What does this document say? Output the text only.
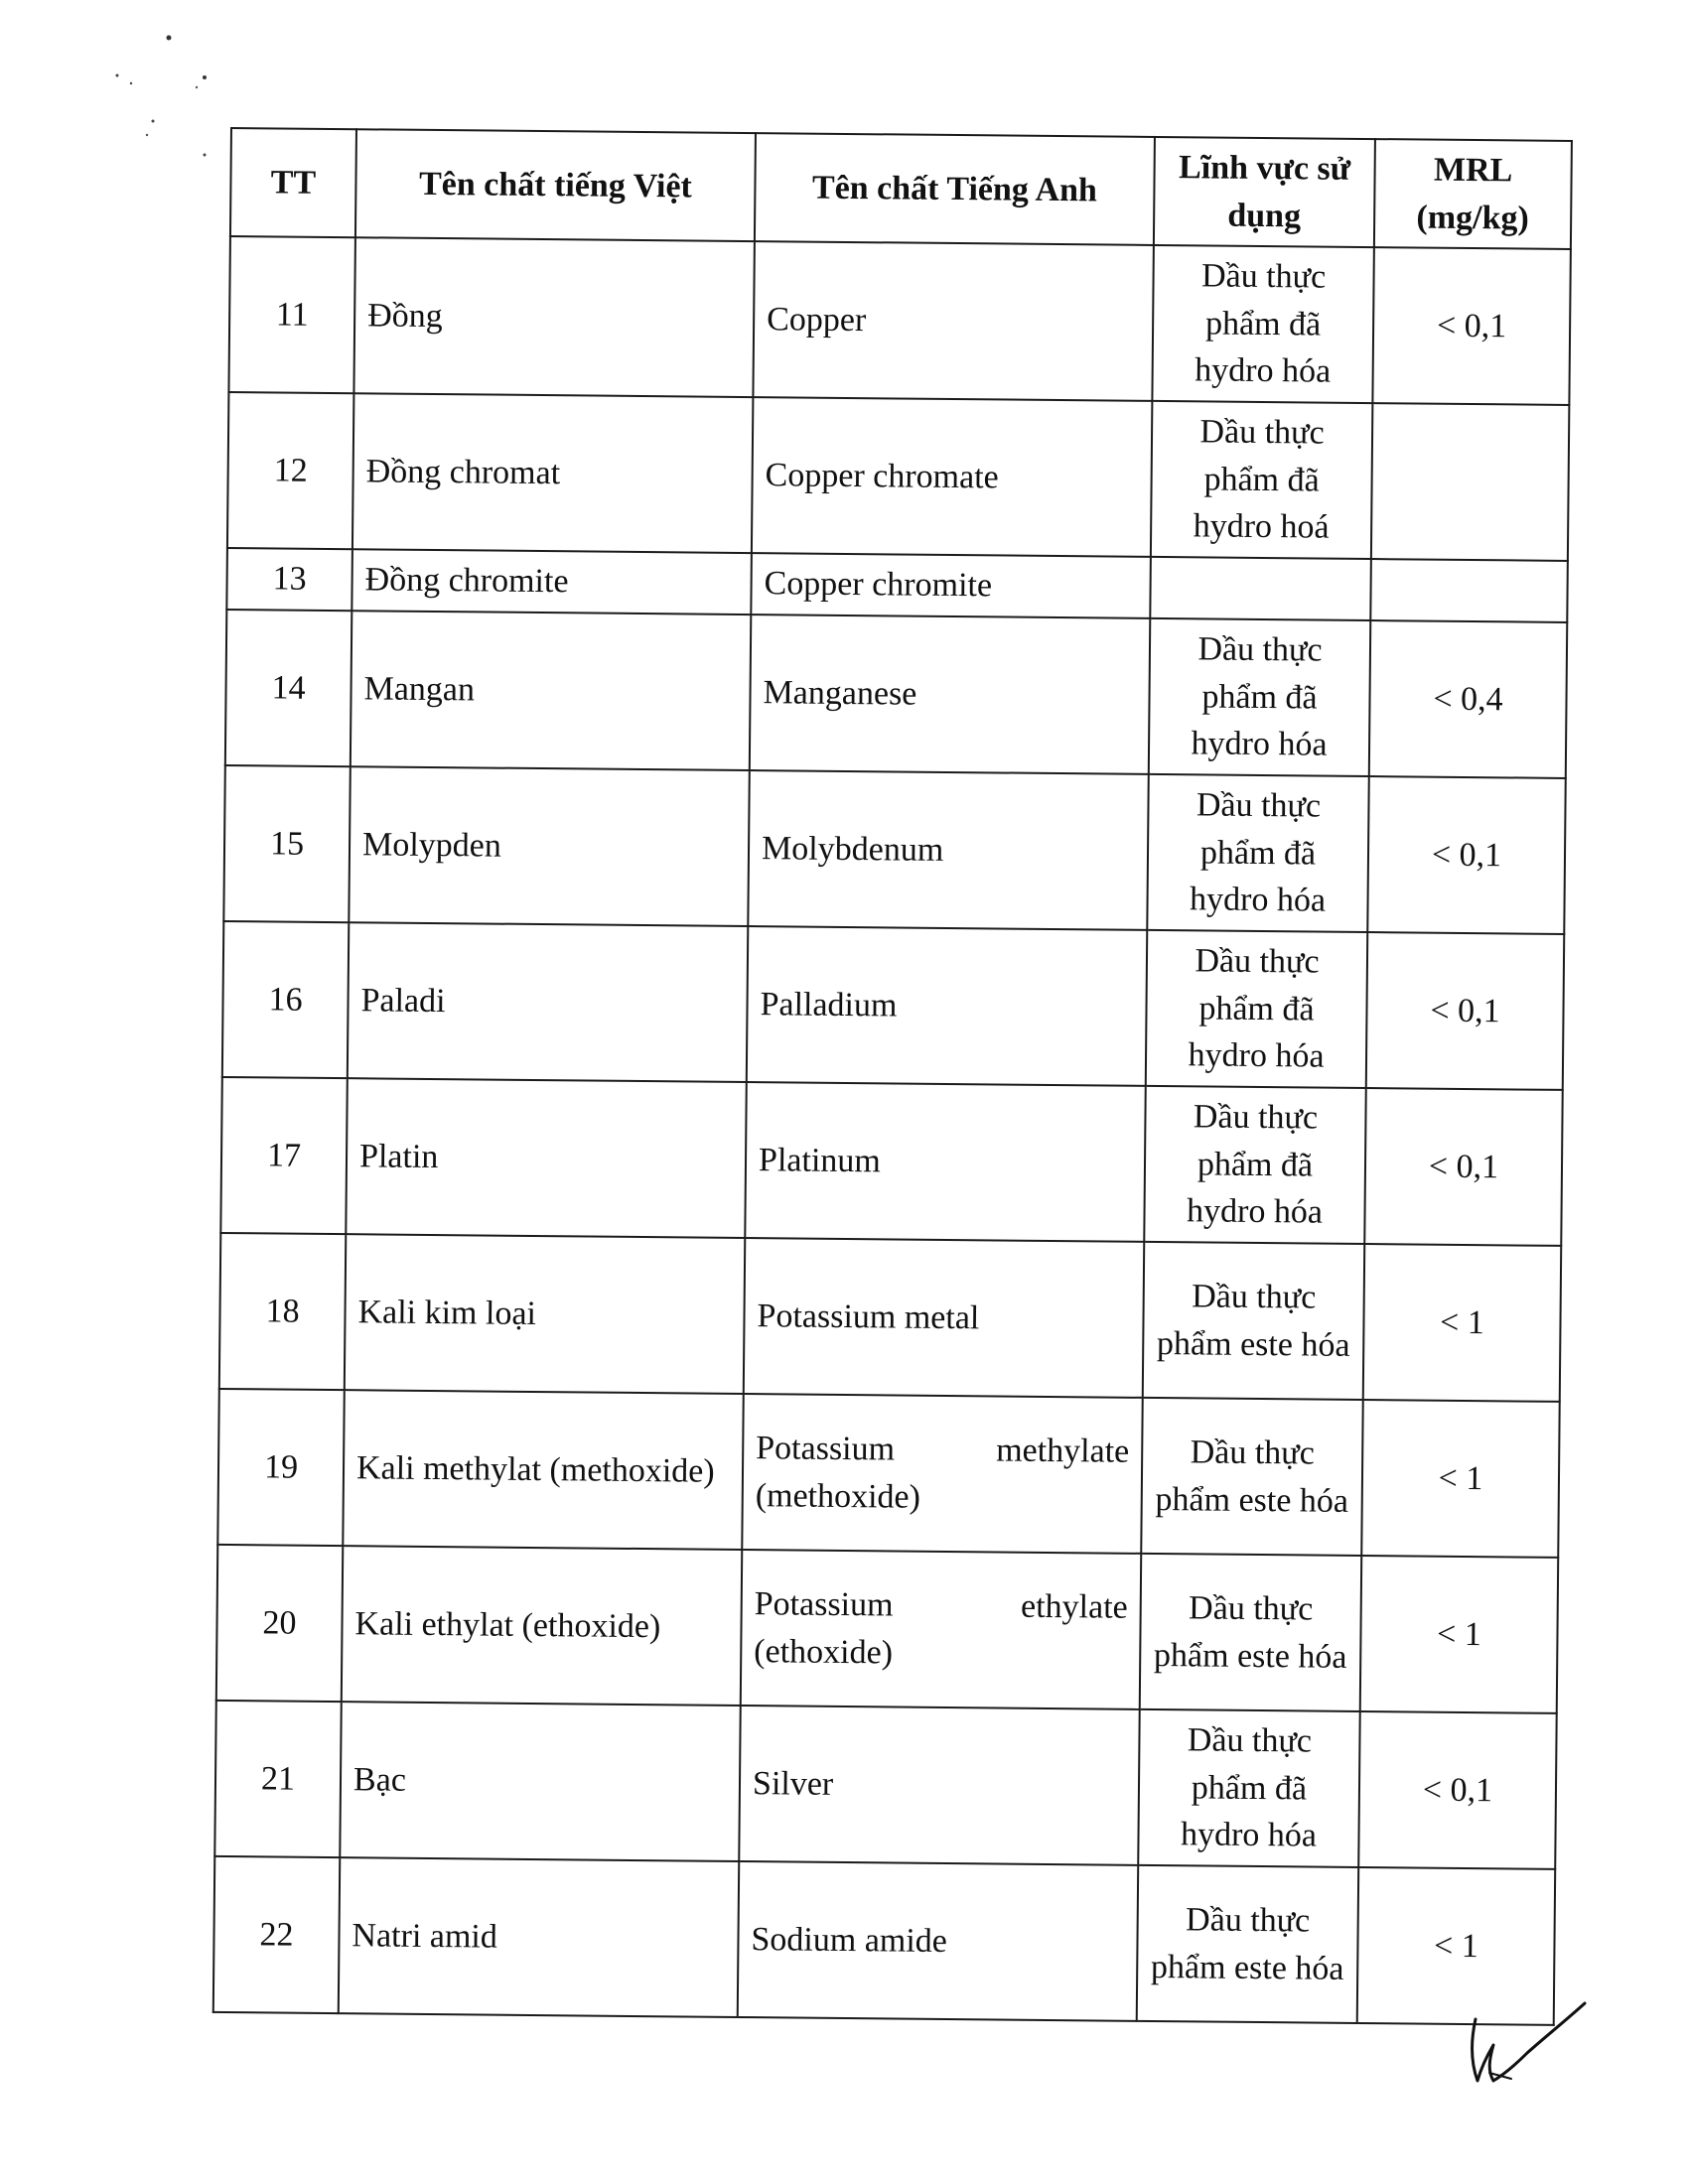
TT	Tên chất tiếng Việt	Tên chất Tiếng Anh	Lĩnh vực sử dụng	MRL (mg/kg)
11	Đồng	Copper	Dầu thực phẩm đã hydro hóa	< 0,1
12	Đồng chromat	Copper chromate	Dầu thực phẩm đã hydro hoá	
13	Đồng chromite	Copper chromite		
14	Mangan	Manganese	Dầu thực phẩm đã hydro hóa	< 0,4
15	Molypden	Molybdenum	Dầu thực phẩm đã hydro hóa	< 0,1
16	Paladi	Palladium	Dầu thực phẩm đã hydro hóa	< 0,1
17	Platin	Platinum	Dầu thực phẩm đã hydro hóa	< 0,1
18	Kali kim loại	Potassium metal	Dầu thực phẩm este hóa	< 1
19	Kali methylat (methoxide)	Potassium methylate (methoxide)	Dầu thực phẩm este hóa	< 1
20	Kali ethylat (ethoxide)	Potassium ethylate (ethoxide)	Dầu thực phẩm este hóa	< 1
21	Bạc	Silver	Dầu thực phẩm đã hydro hóa	< 0,1
22	Natri amid	Sodium amide	Dầu thực phẩm este hóa	< 1
